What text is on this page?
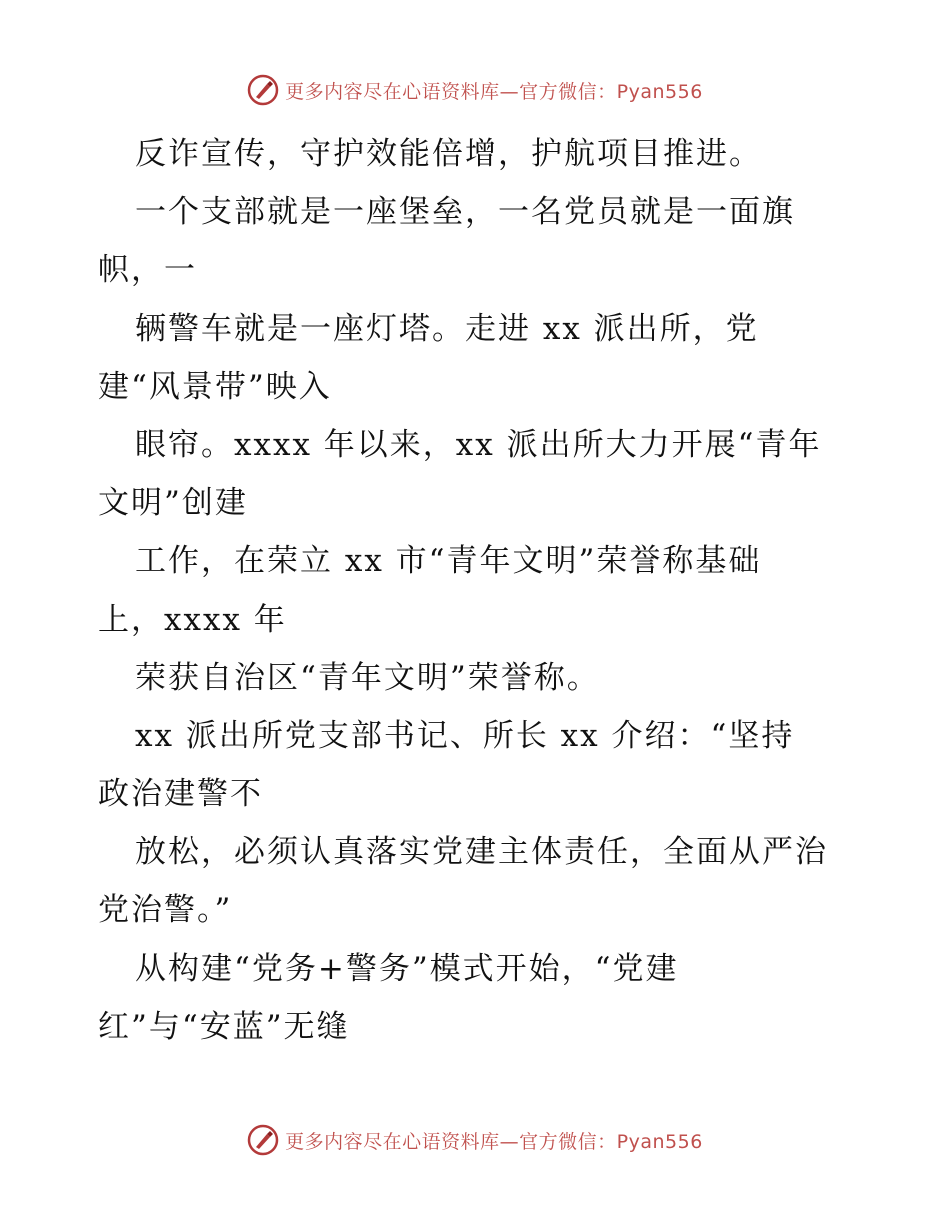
更多内容尽在心语资料库—官方微信：Pyan556
反诈宣传，守护效能倍增，护航项目推进。
一个支部就是一座堡垒，一名党员就是一面旗
帜，一
辆警车就是一座灯塔。走进 xx 派出所，党
建“风景带”映入
眼帘。xxxx 年以来，xx 派出所大力开展“青年
文明”创建
工作，在荣立 xx 市“青年文明”荣誉称基础
上，xxxx 年
荣获自治区“青年文明”荣誉称。
xx 派出所党支部书记、所长 xx 介绍：“坚持
政治建警不
放松，必须认真落实党建主体责任，全面从严治
党治警。”
从构建“党务+警务”模式开始，“党建
红”与“安蓝”无缝
更多内容尽在心语资料库—官方微信：Pyan556
